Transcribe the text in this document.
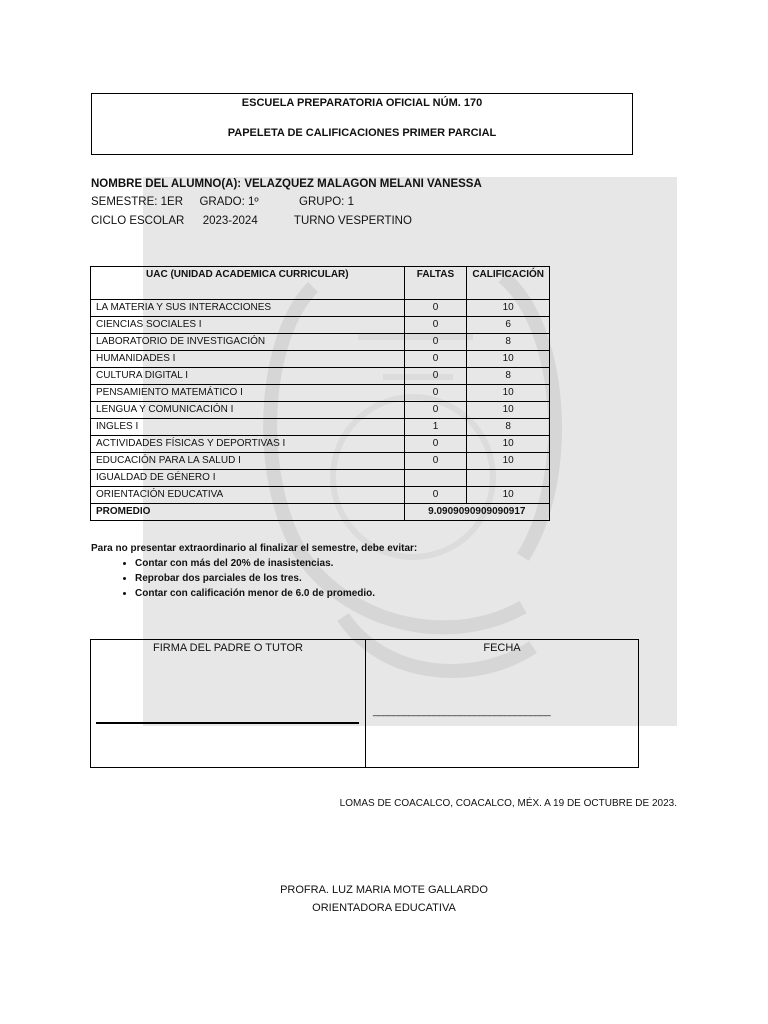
ESCUELA PREPARATORIA OFICIAL NÚM. 170
PAPELETA DE CALIFICACIONES PRIMER PARCIAL
NOMBRE DEL ALUMNO(A): VELAZQUEZ MALAGON MELANI VANESSA
SEMESTRE: 1ER GRADO: 1º	GRUPO: 1
CICLO ESCOLAR 2023-2024	TURNO VESPERTINO
UAC (UNIDAD ACADEMICA CURRICULAR)	FALTAS	CALIFICACIÓN
LA MATERIA Y SUS INTERACCIONES	0	10
CIENCIAS SOCIALES I	0	6
LABORATORIO DE INVESTIGACIÓN	0	8
HUMANIDADES I	0	10
CULTURA DIGITAL I	0	8
PENSAMIENTO MATEMÁTICO I	0	10
LENGUA Y COMUNICACIÓN I	0	10
INGLES I	1	8
ACTIVIDADES FÍSICAS Y DEPORTIVAS I	0	10
EDUCACIÓN PARA LA SALUD I	0	10
IGUALDAD DE GÉNERO I		
ORIENTACIÓN EDUCATIVA	0	10
PROMEDIO	9.0909090909090917	
Para no presentar extraordinario al finalizar el semestre, debe evitar:
• Contar con más del 20% de inasistencias.
• Reprobar dos parciales de los tres.
• Contar con calificación menor de 6.0 de promedio.
FIRMA DEL PADRE O TUTOR	FECHA
___________________________________
LOMAS DE COACALCO, COACALCO, MÉX. A 19 DE OCTUBRE DE 2023.
PROFRA. LUZ MARIA MOTE GALLARDO
ORIENTADORA EDUCATIVA
